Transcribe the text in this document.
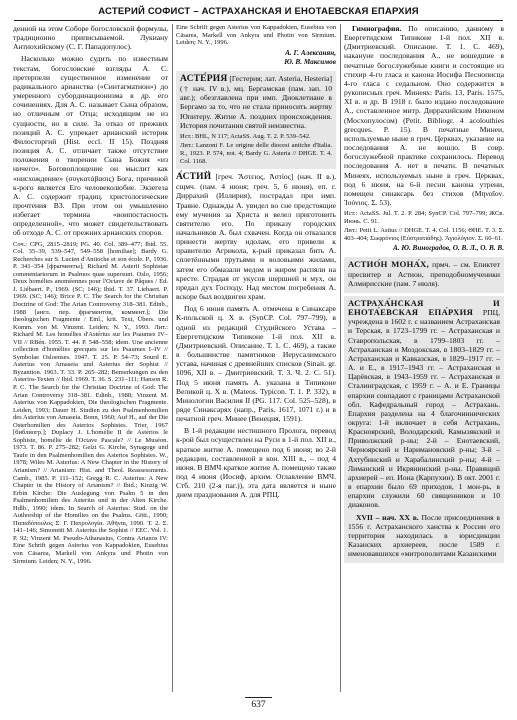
АСТЕРИЙ СОФИСТ – АСТРАХАНСКАЯ И ЕНОТАЕВСКАЯ ЕПАРХИЯ

денной на этом Соборе богословской формулы, традиционно приписываемой. Лукиану Антиохийскому (С. Г. Пападопулос).

Насколько можно судить по известным текстам, богословские взгляды А. С. претерпели существенное изменение от радикального арианства («Синтагматион») до умеренного субординационизма в др. его сочинениях. Для А. С. называет Сына образом, но отличным от Отца; исходящим не из сущности, но в силе. За отказ от прежних позиций А. С. упрекает арианский историк Филосторгий (Hist. eccl. II 15). Поздняя позиция А. С. отличает также отсутствие положения о творении Сына Божия «из ничего». Боговоплощение он мыслит как «нисхождение» (συγκατάβασις) Бога, причиной к-рого является Его человеколюбие. Экзегеза А. С. содержит традиц. христологические прочтения ВЗ. При этом он умышленно избегает термина «воипостасность определенной», что может свидетельствовать об отходе А. С. от прежних арианских споров.

Соч.: CPG, 2815–2819; PG. 40. Col. 389–477; Ibid. 55. Col. 35–39, 539–547, 549–558 [homiliae]; Bardy G. Recherches sur S. Lucien d'Antioche et son école. P., 1936. P. 341–354 [фрагменты]; Richard M. Asterii Sophistae commentariorum in Psalmos quae supersunt. Oslo, 1956; Deux homélies anoméennes pour l'Octave de Pâques / Éd. J. Liébaert. P., 1969. (SC; 146); Ibid. T. 37. Liebaert. P. 1969. (SC; 146); Вгісе Р. С. The Search for the Christian Doctrine of God: The Arian Controversy 318–381. Edinb., 1988 [англ. пер. фрагментов, коммент.]; Die theologischen Fragmente / Einl., krit. Text, Übers. und Komm. von M. Vinzent. Leiden; N. Y., 1993. Лит.: Richard M. Les homélies d'Astérius sur les Psaumes IV–VII // RBén. 1955. T. 44. P. 548–558; idem. Une ancienne collection d'homélies grecques sur les Psaumes I–IV // Symbolae Osloenses. 1947. T. 25. P. 54–73; Sourd E. Asterius von Amaseia und Asterius der Sophist // Byzantion. 1963. T. 33. P. 265–282; Bemerkungen zu den Asterios-Texten // Ibid. 1969. T. 36. S. 231–111; Hanson R. P. C. The Search for the Christian Doctrine of God: The Arian Controversy 318–381. Edinb., 1988; Vinzent M. Asterius von Kappadokien, Die theologischen Fragmente. Leiden, 1993; Dauer H. Studien zu den Psalmenhomilien des Asterius von Amaseia. Bonn, 1960; Auf H., auf der Die Osterhomilien des Asterios Sophistes. Trier, 1967 [библиогр.]; Duplacy J. L'homélie II de Astérios le Sophiste, homélie de l'Octave Pascale? // Le Muséon. 1973. T. 86. P. 275–282; Gelzi G. Kirche, Synagoge und Taufe in den Psalmenhomilien des Asterios Sophistes. W., 1978; Wiles M. Asterius: A New Chapter in the History of Arianism? // Arianism: Hist. and Theol. Reassessments. Camb., 1985. P. 111–152; Gregg R. C. Asterius: A New Chapter in the History of Arianism? // Ibid.; Kinzig W. Erbin Kirche: Die Auslegung von Psalm 5 in den Psalmenhomilien des Asterius und in der Alten Kirche. Hdlb., 1990; idem. In Search of Asterius: Stud. on the Authorship of the Homilies on the Psalms. Gött., 1990; Παπαδόπουλος Σ. Γ. Πατρολογία. Ἀθῆναι, 1990. T. 2. Σ. 141–146; Simonetti M. Asterius the Sophist // EEC. Vol. 1. P. 92; Vinzent M. Pseudo-Athanasius, Contra Arianos IV: Eine Schrift gegen Asterius von Kappadokien, Eusebius von Cäsarea, Markell von Ankyra und Photin von Sirmium. Leiden; N. Y., 1996.

Eine Schrift gegen Asterius von Kappadokien, Eusebius von Cäsarea, Markell von Ankyra und Photin von Sirmium. Leiden; N. Y., 1996.

А. Г. Алексанян,
Ю. В. Максимов

АСТЕ́РИЯ [Гестерия; лат. Asteria, Hesteria] († нач. IV в.), мц. Бергамская (пам. зап. 10 авг.); обезглавлена при имп. Диоклетиане в Бергамо за то, что не стала приносить жертву Юпитеру. Житие А. поздних происхождения. История почитания святой неизвестна.

Ист.: BHL, N 117; ActaSS. Aug. T. 2. P. 539–542.

Лит.: Lanzoni F. Le origine delle diocesi antiche d'Italia. R., 1923. P. 574, not. 4; Bardy G. Asteria // DHGE. T. 4. Col. 1168.

А́СТИЙ [греч. Ἄστειος, Ἀστίος] (нач. II в.), сщмч. (пам. 4 июня; греч. 5, 6 июня), еп. г. Диррахий (Иллирия), пострадал при имп. Траяне. Однажды А. увидел во сне предстоящие ему мучения за Христа и велел приготовить святителю его. По приказу городских начальников А. был схвачен. Когда он отказался принести жертву идолам, его привели к правителю Агрикола, к-рый приказал бить А. сплетёнными прутьями и воловьими жилами, затем его обмазали медом и жиром распяли на кресте. Страдая от укусов шершней и мух, он предал дух Господу. Над местом погребения А. вскоре был воздвиген храм.

Под 6 июня память А. отмечена в Синаксаре К-польской ц. X в. (SynCP. Col. 797–799), в одной из редакций Студийского Устава – Евергетидском Типиконе 1-й пол. XII в. (Дмитриевский. Описание. Т. 1. С. 469), а также в большинстве памятников Иерусалимского устава, начиная с древнейших списков (Sinait. gr. 1096, XII в. – Дмитриевский. Т. 3. Ч. 2. С. 51). Под 5 июня память А. указана в Типиконе Великой ц. X в. (Mateos. Typicon. T. 1. P. 332), в Минологии Василия II (PG. 117. Col. 525–528), в ряде Синаксарях (напр., Paris. 1617, 1071 г.) и в печатной греч. Минее (Венеция, 1591).

В 1-й редакции нестишного Пролога, перевод к-рой был осуществлен на Руси в 1-й пол. XII в., краткое житие А. помещено под 6 июня; во 2-й редакции, составленной в кон. XIII в., – под 4 июня. В ВМЧ краткое житие А. помещено также под 4 июня (Иосиф, архим. Оглавление ВМЧ. Стб. 210 (2-я паг.)), эта дата является и ныне днем празднования А. для РПЦ.

Гимнография. По описанию, данному в Евергетидском Типиконе 1-й пол. XII в. (Дмитриевский. Описание. Т. 1. С. 469), накануне последования А., не вошедшие в печатные богослужебные книги и состоящие из стихир 4-го гласа и канона Иосифа Песнописца 4-го гласа с седальном. Оно содержится в рукописных греч. Минеях: Paris. 13, Paris. 1575, XI в. и др. В 1918 г. было издано последование А., составленное митр. Диррахийским Никоном (Мосхопулосом) (Petit. Bibliogr. 4 acolouthies grecques. P. 15). В печатные Минеи, используемые ныне в греч. Церквах, указание на последования А. не вошло. В совр. богослужебной практике сохранилось. Перевод последования А. нет в печатн. В печатных Минеях, используемых ныне в греч. Церквах, под 6 июня, на 6-й песни канона утрени, помещен синаксарь без стихов (Μηναῖον. Ἰούνιος. Σ. 53).

Ист.: ActaSS. Jul. T. 2. P. 284; SynCP. Col. 797–799; ЖСв. Июнь. С. 91.

Лит.: Petit L. Astius // DHGE. T. 4. Col. 1156; ΘΗΕ. T. 3. Σ. 403–404; Σωφρόνιος (Εὐστρατιάδης). Ἁγιολόγιον. Σ. 60–61.

А. Ю. Виноградов, О. В. Л., О. В. В.

АСТИО́Н МОНА́Х, прмч. – см. Епиктет пресвитер и Астион, преподобномученики Алмирисские (пам. 7 июля).

АСТРАХА́НСКАЯ И ЕНОТА́ЕВСКАЯ ЕПА́РХИЯ РПЦ, учреждена в 1602 г. с названием Астраханская и Терская, в 1723–1799 гг. – Астраханская и Ставропольская, в 1799–1803 гг. – Астраханская и Моздокская, в 1803–1829 гг. – Астраханская и Кавказская, в 1829–1917 гг. – А. и Е., в 1917–1943 гг. – Астраханская и Царёвская, в 1943–1959 гг. – Астраханская и Сталинградская, с 1959 г. – А. и Е. Границы епархии совпадают с границами Астраханской обл. Кафедральный город – Астрахань. Епархия разделена на 4 благочиннических округа: 1-й включает в себя Астрахань, Красноярский, Володарский, Камызякский и Приволжский р-ны; 2-й – Енотаевский, Черноярский и Наримановский р-ны; 3-й – Ахтубинский и Харабалинский р-ны; 4-й – Лиманский и Икрянинский р-ны. Правящий архиерей – еп. Иона (Карпухин). В окт. 2001 г. в епархии было 69 приходов, 1 мон-рь, в епархии служили 60 священников и 10 диаконов.

XVII – нач. XX в. После присоединения в 1556 г. Астраханского ханства к России его территория находилась в юрисдикции Казанских архиереев, после 1589 г. именовавшихся «митрополитами Казанскими

637
